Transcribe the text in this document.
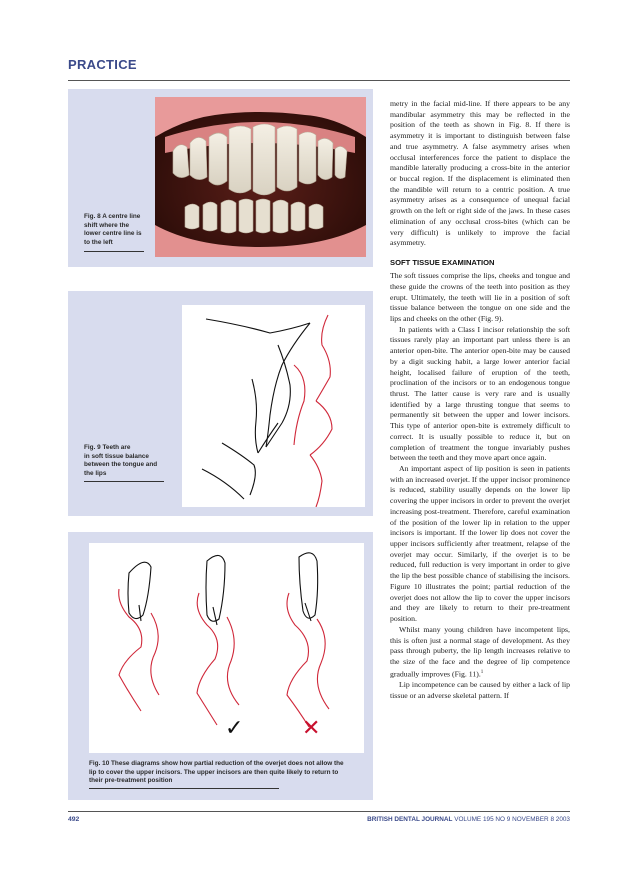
PRACTICE
Fig. 8 A centre line
shift where the
lower centre line is
to the left
Fig. 9 Teeth are
in soft tissue balance
between the tongue and
the lips
✓	✕
Fig. 10 These diagrams show how partial reduction of the overjet does not allow the
lip to cover the upper incisors. The upper incisors are then quite likely to return to
their pre-treatment position

metry in the facial mid-line. If there appears to be any mandibular asymmetry this may be reflected in the position of the teeth as shown in Fig. 8. If there is asymmetry it is important to distinguish between false and true asymmetry. A false asymmetry arises when occlusal interferences force the patient to displace the mandible laterally producing a cross-bite in the anterior or buccal region. If the displacement is eliminated then the mandible will return to a centric position. A true asymmetry arises as a consequence of unequal facial growth on the left or right side of the jaws. In these cases elimination of any occlusal cross-bites (which can be very difficult) is unlikely to improve the facial asymmetry.

SOFT TISSUE EXAMINATION

The soft tissues comprise the lips, cheeks and tongue and these guide the crowns of the teeth into position as they erupt. Ultimately, the teeth will lie in a position of soft tissue balance between the tongue on one side and the lips and cheeks on the other (Fig. 9).

In patients with a Class I incisor relationship the soft tissues rarely play an important part unless there is an anterior open-bite. The anterior open-bite may be caused by a digit sucking habit, a large lower anterior facial height, localised failure of eruption of the teeth, proclination of the incisors or to an endogenous tongue thrust. The latter cause is very rare and is usually identified by a large thrusting tongue that seems to permanently sit between the upper and lower incisors. This type of anterior open-bite is extremely difficult to correct. It is usually possible to reduce it, but on completion of treatment the tongue invariably pushes between the teeth and they move apart once again.

An important aspect of lip position is seen in patients with an increased overjet. If the upper incisor prominence is reduced, stability usually depends on the lower lip covering the upper incisors in order to prevent the overjet increasing post-treatment. Therefore, careful examination of the position of the lower lip in relation to the upper incisors is important. If the lower lip does not cover the upper incisors sufficiently after treatment, relapse of the overjet may occur. Similarly, if the overjet is to be reduced, full reduction is very important in order to give the lip the best possible chance of stabilising the incisors. Figure 10 illustrates the point; partial reduction of the overjet does not allow the lip to cover the upper incisors and they are likely to return to their pre-treatment position.

Whilst many young children have incompetent lips, this is often just a normal stage of development. As they pass through puberty, the lip length increases relative to the size of the face and the degree of lip competence gradually improves (Fig. 11).$^1$

Lip incompetence can be caused by either a lack of lip tissue or an adverse skeletal pattern. If

492	BRITISH DENTAL JOURNAL VOLUME 195 NO 9 NOVEMBER 8 2003
